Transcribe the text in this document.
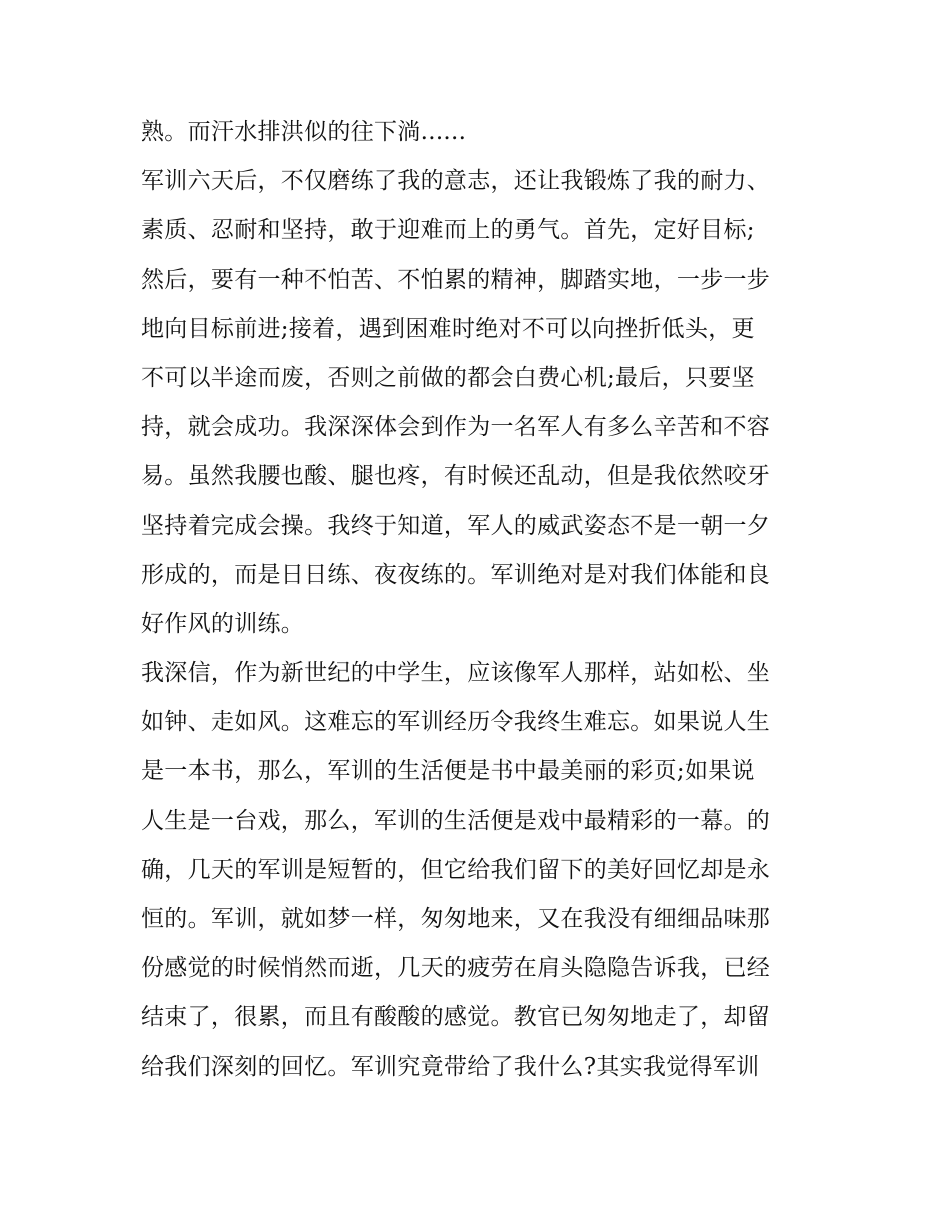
熟。而汗水排洪似的往下淌......
军训六天后，不仅磨练了我的意志，还让我锻炼了我的耐力、
素质、忍耐和坚持，敢于迎难而上的勇气。首先，定好目标;
然后，要有一种不怕苦、不怕累的精神，脚踏实地，一步一步
地向目标前进;接着，遇到困难时绝对不可以向挫折低头，更
不可以半途而废，否则之前做的都会白费心机;最后，只要坚
持，就会成功。我深深体会到作为一名军人有多么辛苦和不容
易。虽然我腰也酸、腿也疼，有时候还乱动，但是我依然咬牙
坚持着完成会操。我终于知道，军人的威武姿态不是一朝一夕
形成的，而是日日练、夜夜练的。军训绝对是对我们体能和良
好作风的训练。
我深信，作为新世纪的中学生，应该像军人那样，站如松、坐
如钟、走如风。这难忘的军训经历令我终生难忘。如果说人生
是一本书，那么，军训的生活便是书中最美丽的彩页;如果说
人生是一台戏，那么，军训的生活便是戏中最精彩的一幕。的
确，几天的军训是短暂的，但它给我们留下的美好回忆却是永
恒的。军训，就如梦一样，匆匆地来，又在我没有细细品味那
份感觉的时候悄然而逝，几天的疲劳在肩头隐隐告诉我，已经
结束了，很累，而且有酸酸的感觉。教官已匆匆地走了，却留
给我们深刻的回忆。军训究竟带给了我什么?其实我觉得军训
